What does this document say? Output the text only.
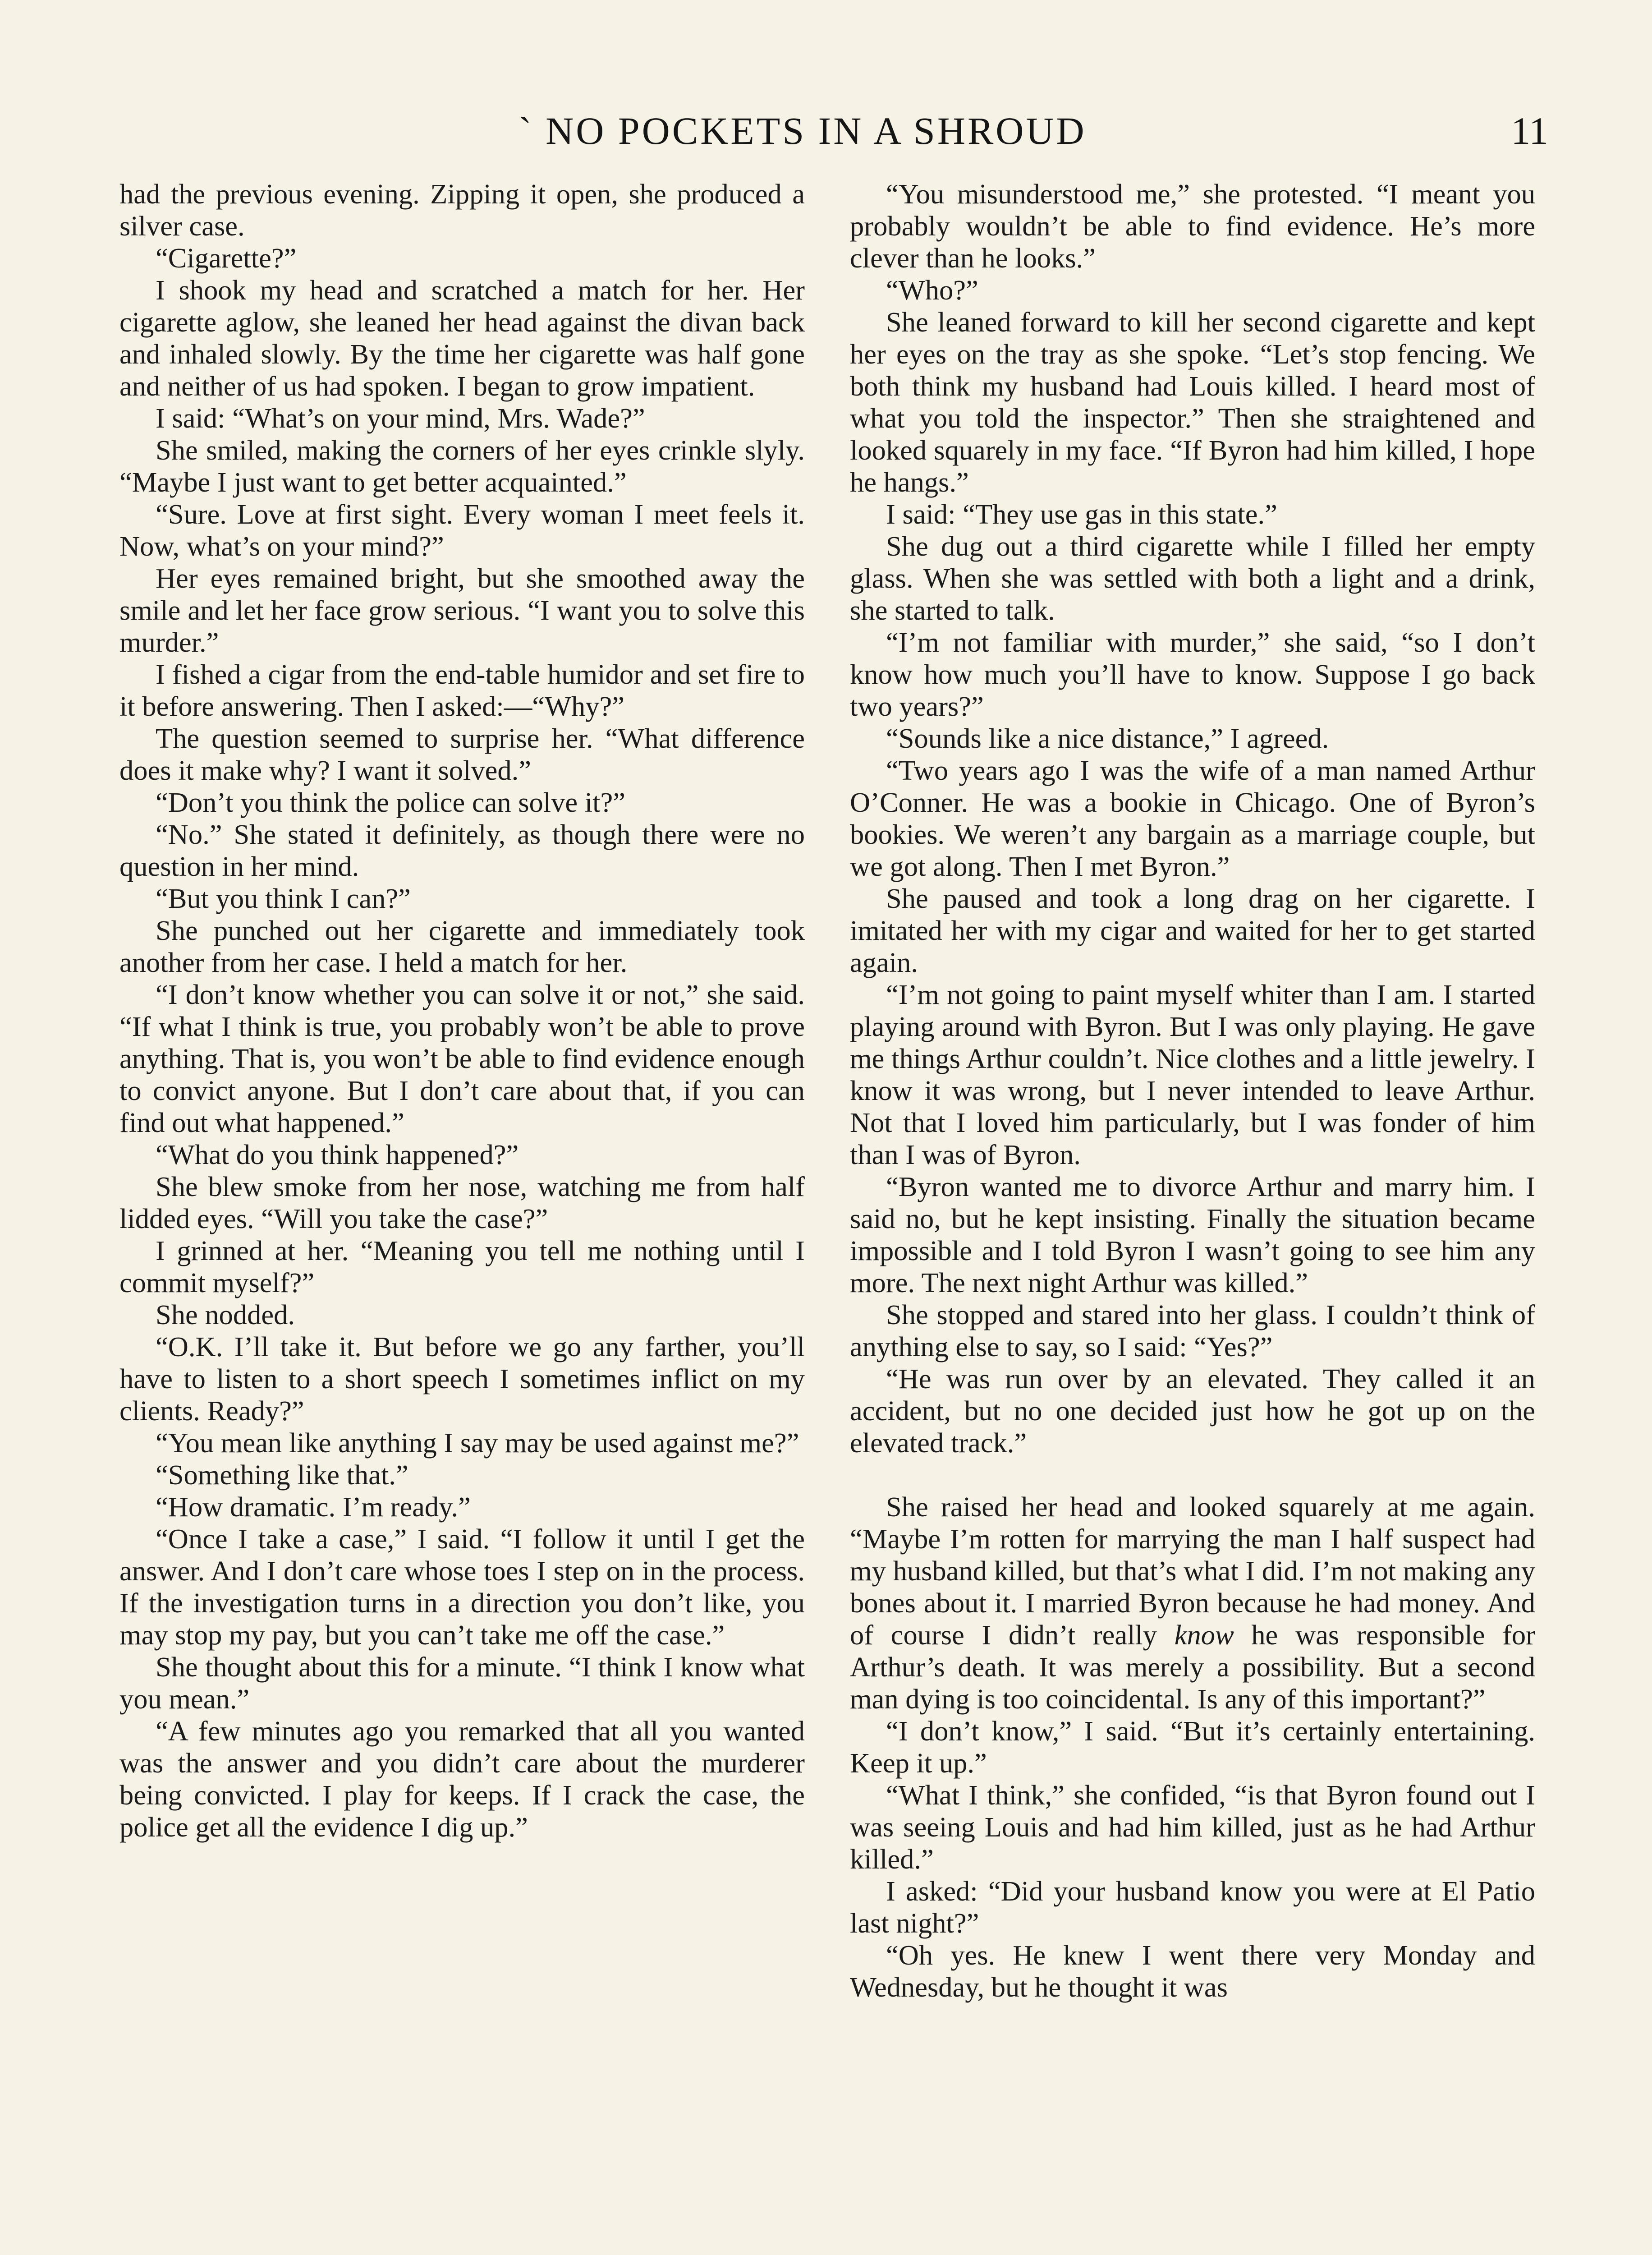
` NO POCKETS IN A SHROUD	11

had the previous evening. Zipping it open, she produced a silver case.

“Cigarette?”

I shook my head and scratched a match for her. Her cigarette aglow, she leaned her head against the divan back and inhaled slowly. By the time her cigarette was half gone and neither of us had spoken. I began to grow impatient.

I said: “What’s on your mind, Mrs. Wade?”

She smiled, making the corners of her eyes crinkle slyly. “Maybe I just want to get better acquainted.”

“Sure. Love at first sight. Every woman I meet feels it. Now, what’s on your mind?”

Her eyes remained bright, but she smoothed away the smile and let her face grow serious. “I want you to solve this murder.”

I fished a cigar from the end-table humidor and set fire to it before answering. Then I asked:—“Why?”

The question seemed to surprise her. “What difference does it make why? I want it solved.”

“Don’t you think the police can solve it?”

“No.” She stated it definitely, as though there were no question in her mind.

“But you think I can?”

She punched out her cigarette and immediately took another from her case. I held a match for her.

“I don’t know whether you can solve it or not,” she said. “If what I think is true, you probably won’t be able to prove anything. That is, you won’t be able to find evidence enough to convict anyone. But I don’t care about that, if you can find out what happened.”

“What do you think happened?”

She blew smoke from her nose, watching me from half lidded eyes. “Will you take the case?”

I grinned at her. “Meaning you tell me nothing until I commit myself?”

She nodded.

“O.K. I’ll take it. But before we go any farther, you’ll have to listen to a short speech I sometimes inflict on my clients. Ready?”

“You mean like anything I say may be used against me?”

“Something like that.”

“How dramatic. I’m ready.”

“Once I take a case,” I said. “I follow it until I get the answer. And I don’t care whose toes I step on in the process. If the investigation turns in a direction you don’t like, you may stop my pay, but you can’t take me off the case.”

She thought about this for a minute. “I think I know what you mean.”

“A few minutes ago you remarked that all you wanted was the answer and you didn’t care about the murderer being convicted. I play for keeps. If I crack the case, the police get all the evidence I dig up.”

“You misunderstood me,” she protested. “I meant you probably wouldn’t be able to find evidence. He’s more clever than he looks.”

“Who?”

She leaned forward to kill her second cigarette and kept her eyes on the tray as she spoke. “Let’s stop fencing. We both think my husband had Louis killed. I heard most of what you told the inspector.” Then she straightened and looked squarely in my face. “If Byron had him killed, I hope he hangs.”

I said: “They use gas in this state.”

She dug out a third cigarette while I filled her empty glass. When she was settled with both a light and a drink, she started to talk.

“I’m not familiar with murder,” she said, “so I don’t know how much you’ll have to know. Suppose I go back two years?”

“Sounds like a nice distance,” I agreed.

“Two years ago I was the wife of a man named Arthur O’Conner. He was a bookie in Chicago. One of Byron’s bookies. We weren’t any bargain as a marriage couple, but we got along. Then I met Byron.”

She paused and took a long drag on her cigarette. I imitated her with my cigar and waited for her to get started again.

“I’m not going to paint myself whiter than I am. I started playing around with Byron. But I was only playing. He gave me things Arthur couldn’t. Nice clothes and a little jewelry. I know it was wrong, but I never intended to leave Arthur. Not that I loved him particularly, but I was fonder of him than I was of Byron.

“Byron wanted me to divorce Arthur and marry him. I said no, but he kept insisting. Finally the situation became impossible and I told Byron I wasn’t going to see him any more. The next night Arthur was killed.”

She stopped and stared into her glass. I couldn’t think of anything else to say, so I said: “Yes?”

“He was run over by an elevated. They called it an accident, but no one decided just how he got up on the elevated track.”

She raised her head and looked squarely at me again. “Maybe I’m rotten for marrying the man I half suspect had my husband killed, but that’s what I did. I’m not making any bones about it. I married Byron because he had money. And of course I didn’t really know he was responsible for Arthur’s death. It was merely a possibility. But a second man dying is too coincidental. Is any of this important?”

“I don’t know,” I said. “But it’s certainly entertaining. Keep it up.”

“What I think,” she confided, “is that Byron found out I was seeing Louis and had him killed, just as he had Arthur killed.”

I asked: “Did your husband know you were at El Patio last night?”

“Oh yes. He knew I went there very Monday and Wednesday, but he thought it was
